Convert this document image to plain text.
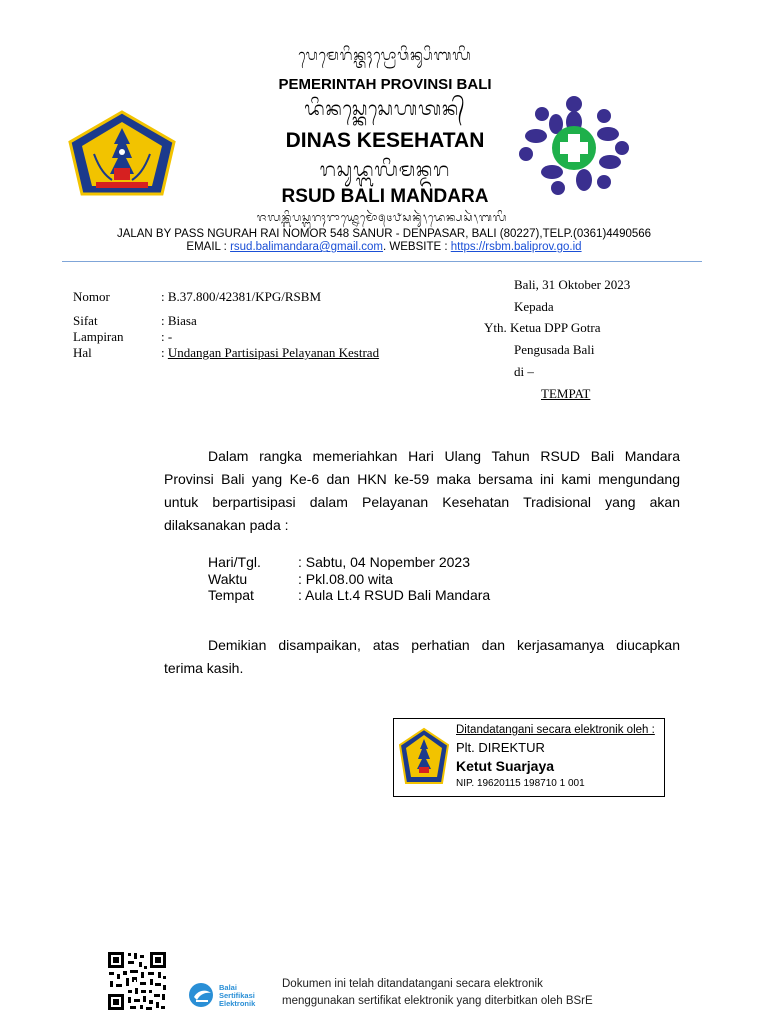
ᬧᬾᬫᬾᬭᬶᬦ᭄ᬢᬄᬧ᭄ᬭᭀᬯᬶᬦ᭄ᬲᬶᬩᬮᬶ
PEMERINTAH PROVINSI BALI
ᬤᬶᬦᬲ᭄ᬓᬾᬲᬾᬳᬢᬦ᭄
DINAS KESEHATAN
ᬭᬲᬸᬤ᭄ᬩᬮᬶᬫᬦ᭄ᬤᬭ
RSUD BALI MANDARA
ᬚᬮᬦ᭄ᬩᬶᬧᬲ᭄ᬗᬸᬭᬄᬭᬵᬬ᭄ᬦᭀᬫᭀᬃ᭕᭔᭘ᬲᬦᬸᬃ᭞ᬤᬾᬦ᭄ᬧᬲᬃ᭞ᬩᬮᬶ
JALAN BY PASS NGURAH RAI NOMOR 548 SANUR - DENPASAR, BALI (80227),TELP.(0361)4490566
EMAIL : rsud.balimandara@gmail.com. WEBSITE : https://rsbm.baliprov.go.id
Nomor	: B.37.800/42381/KPG/RSBM
Sifat	: Biasa
Lampiran	: -
Hal	: Undangan Partisipasi Pelayanan Kestrad
Bali, 31 Oktober 2023
Kepada
Yth. Ketua DPP Gotra
Pengusada Bali
di –
TEMPAT
Dalam rangka memeriahkan Hari Ulang Tahun RSUD Bali Mandara
Provinsi Bali yang Ke-6 dan HKN ke-59 maka bersama ini kami mengundang
untuk berpartisipasi dalam Pelayanan Kesehatan Tradisional yang akan
dilaksanakan pada :
Hari/Tgl.	: Sabtu, 04 Nopember 2023
Waktu	: Pkl.08.00 wita
Tempat	: Aula Lt.4 RSUD Bali Mandara
Demikian disampaikan, atas perhatian dan kerjasamanya diucapkan
terima kasih.
Ditandatangani secara elektronik oleh :
Plt. DIREKTUR
Ketut Suarjaya
NIP. 19620115 198710 1 001
Balai
Sertifikasi
Elektronik
Dokumen ini telah ditandatangani secara elektronik
menggunakan sertifikat elektronik yang diterbitkan oleh BSrE
